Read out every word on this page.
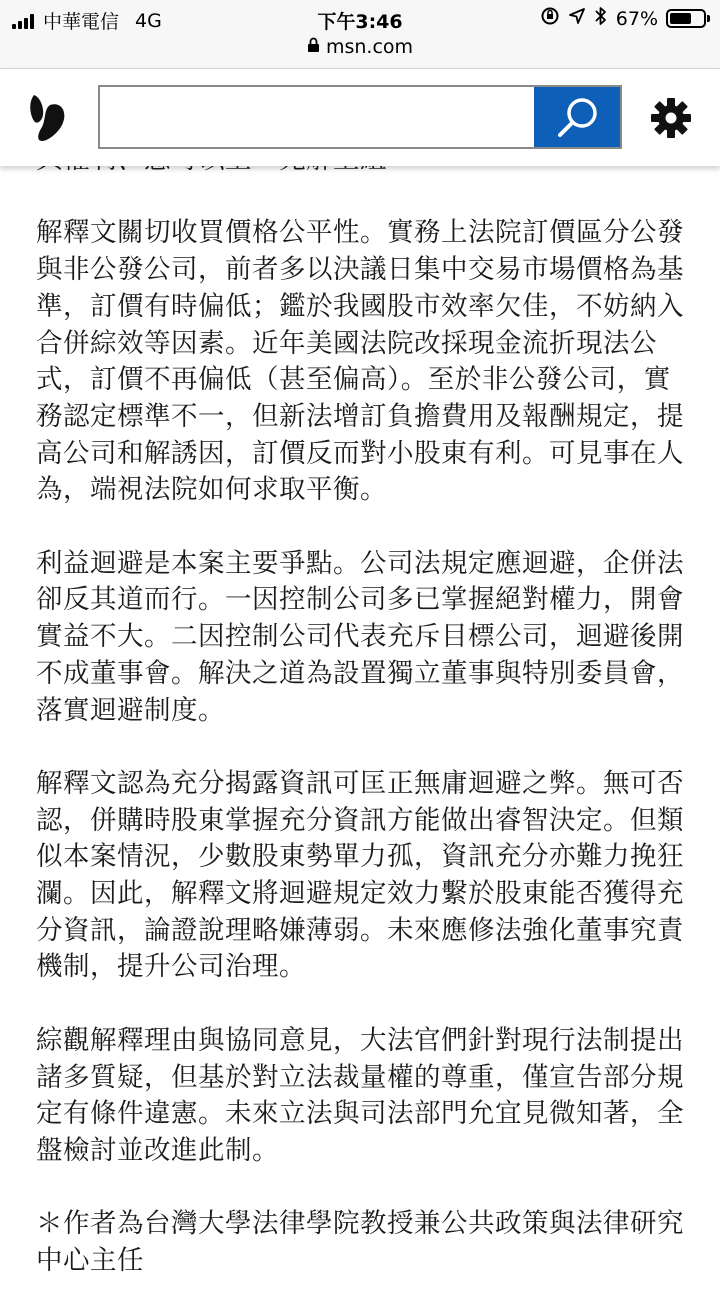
中華電信 4G	下午3:46	67%
msn.com

解釋文關切收買價格公平性。實務上法院訂價區分公發與非公發公司，前者多以決議日集中交易市場價格為基準，訂價有時偏低；鑑於我國股市效率欠佳，不妨納入合併綜效等因素。近年美國法院改採現金流折現法公式，訂價不再偏低（甚至偏高）。至於非公發公司，實務認定標準不一，但新法增訂負擔費用及報酬規定，提高公司和解誘因，訂價反而對小股東有利。可見事在人為，端視法院如何求取平衡。

利益迴避是本案主要爭點。公司法規定應迴避，企併法卻反其道而行。一因控制公司多已掌握絕對權力，開會實益不大。二因控制公司代表充斥目標公司，迴避後開不成董事會。解決之道為設置獨立董事與特別委員會，落實迴避制度。

解釋文認為充分揭露資訊可匡正無庸迴避之弊。無可否認，併購時股東掌握充分資訊方能做出睿智決定。但類似本案情況，少數股東勢單力孤，資訊充分亦難力挽狂瀾。因此，解釋文將迴避規定效力繫於股東能否獲得充分資訊，論證說理略嫌薄弱。未來應修法強化董事究責機制，提升公司治理。

綜觀解釋理由與協同意見，大法官們針對現行法制提出諸多質疑，但基於對立法裁量權的尊重，僅宣告部分規定有條件違憲。未來立法與司法部門允宜見微知著，全盤檢討並改進此制。

＊作者為台灣大學法律學院教授兼公共政策與法律研究中心主任
